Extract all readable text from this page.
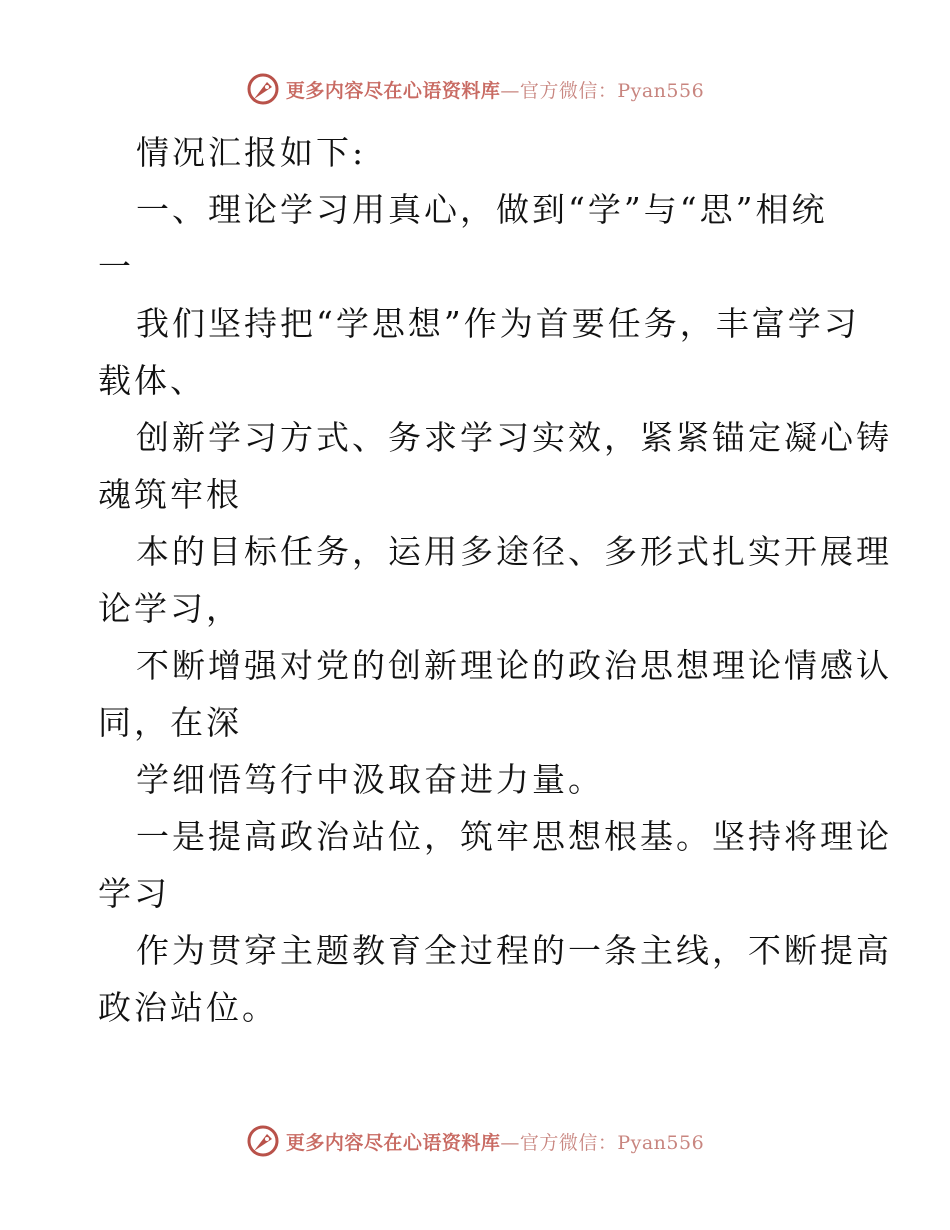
更多内容尽在心语资料库—官方微信：Pyan556
情况汇报如下:
一、理论学习用真心，做到“学”与“思”相统
一
我们坚持把“学思想”作为首要任务，丰富学习
载体、
创新学习方式、务求学习实效，紧紧锚定凝心铸
魂筑牢根
本的目标任务，运用多途径、多形式扎实开展理
论学习，
不断增强对党的创新理论的政治思想理论情感认
同，在深
学细悟笃行中汲取奋进力量。
一是提高政治站位，筑牢思想根基。坚持将理论
学习
作为贯穿主题教育全过程的一条主线，不断提高
政治站位。
更多内容尽在心语资料库—官方微信：Pyan556
